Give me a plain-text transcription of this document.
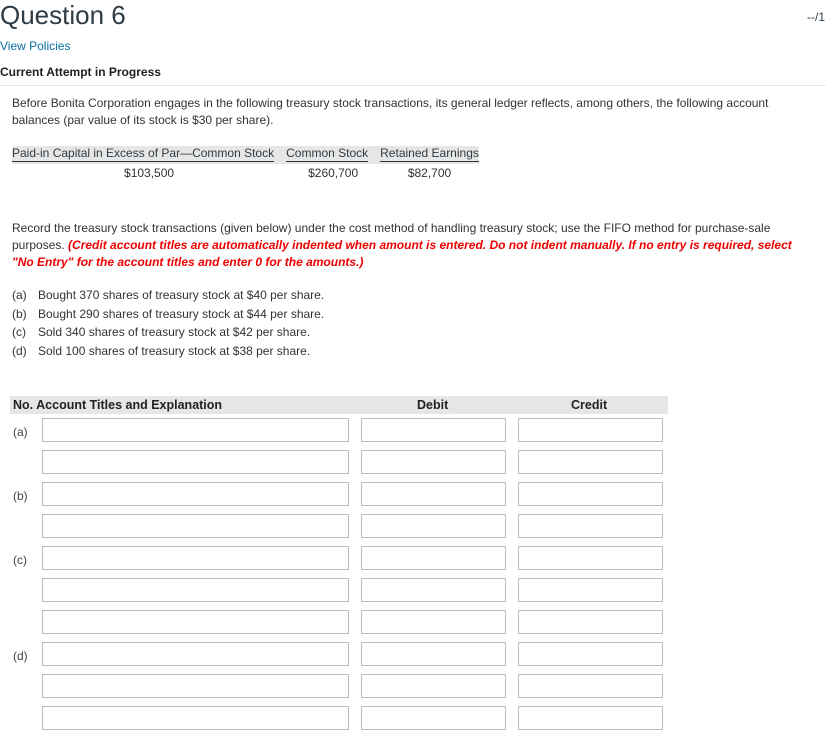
Question 6	--/1
View Policies
Current Attempt in Progress
Before Bonita Corporation engages in the following treasury stock transactions, its general ledger reflects, among others, the following account balances (par value of its stock is $30 per share).
Paid-in Capital in Excess of Par—Common Stock	Common Stock	Retained Earnings
$103,500	$260,700	$82,700
Record the treasury stock transactions (given below) under the cost method of handling treasury stock; use the FIFO method for purchase-sale purposes. (Credit account titles are automatically indented when amount is entered. Do not indent manually. If no entry is required, select "No Entry" for the account titles and enter 0 for the amounts.)
(a) Bought 370 shares of treasury stock at $40 per share.
(b) Bought 290 shares of treasury stock at $44 per share.
(c) Sold 340 shares of treasury stock at $42 per share.
(d) Sold 100 shares of treasury stock at $38 per share.
No. Account Titles and Explanation	Debit	Credit
(a)
(b)
(c)
(d)
